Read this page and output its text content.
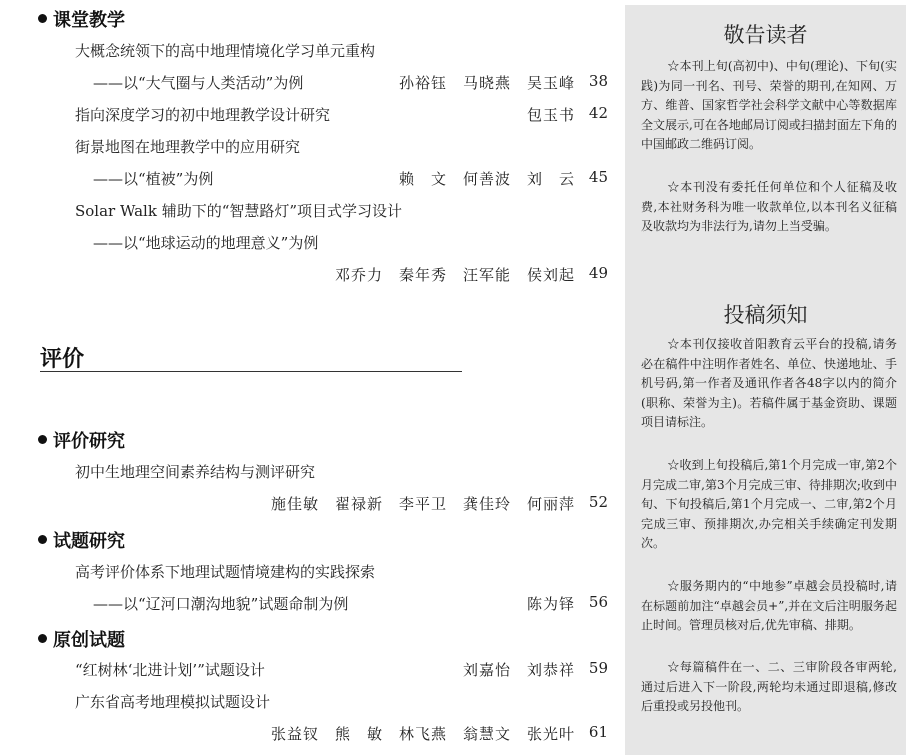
课堂教学
大概念统领下的高中地理情境化学习单元重构
——以“大气圈与人类活动”为例	孙裕钰　马晓燕　吴玉峰 38
指向深度学习的初中地理教学设计研究	包玉书 42
街景地图在地理教学中的应用研究
——以“植被”为例	赖　文　何善波　刘　云 45
Solar Walk 辅助下的“智慧路灯”项目式学习设计
——以“地球运动的地理意义”为例
邓乔力　秦年秀　汪军能　侯刘起 49
评价
评价研究
初中生地理空间素养结构与测评研究
施佳敏　翟禄新　李平卫　龚佳玲　何丽萍 52
试题研究
高考评价体系下地理试题情境建构的实践探索
——以“辽河口潮沟地貌”试题命制为例	陈为铎 56
原创试题
“红树林‘北进计划’”试题设计	刘嘉怡　刘恭祥 59
广东省高考地理模拟试题设计
张益钗　熊　敏　林飞燕　翁慧文　张光叶 61
敬告读者
☆本刊上旬(高初中)、中旬(理论)、下旬(实践)为同一刊名、刊号、荣誉的期刊,在知网、万方、维普、国家哲学社会科学文献中心等数据库全文展示,可在各地邮局订阅或扫描封面左下角的中国邮政二维码订阅。
☆本刊没有委托任何单位和个人征稿及收费,本社财务科为唯一收款单位,以本刊名义征稿及收款均为非法行为,请勿上当受骗。
投稿须知
☆本刊仅接收首阳教育云平台的投稿,请务必在稿件中注明作者姓名、单位、快递地址、手机号码,第一作者及通讯作者各48字以内的简介(职称、荣誉为主)。若稿件属于基金资助、课题项目请标注。
☆收到上旬投稿后,第1个月完成一审,第2个月完成二审,第3个月完成三审、待排期次;收到中旬、下旬投稿后,第1个月完成一、二审,第2个月完成三审、预排期次,办完相关手续确定刊发期次。
☆服务期内的“中地参”卓越会员投稿时,请在标题前加注“卓越会员+”,并在文后注明服务起止时间。管理员核对后,优先审稿、排期。
☆每篇稿件在一、二、三审阶段各审两轮,通过后进入下一阶段,两轮均未通过即退稿,修改后重投或另投他刊。
